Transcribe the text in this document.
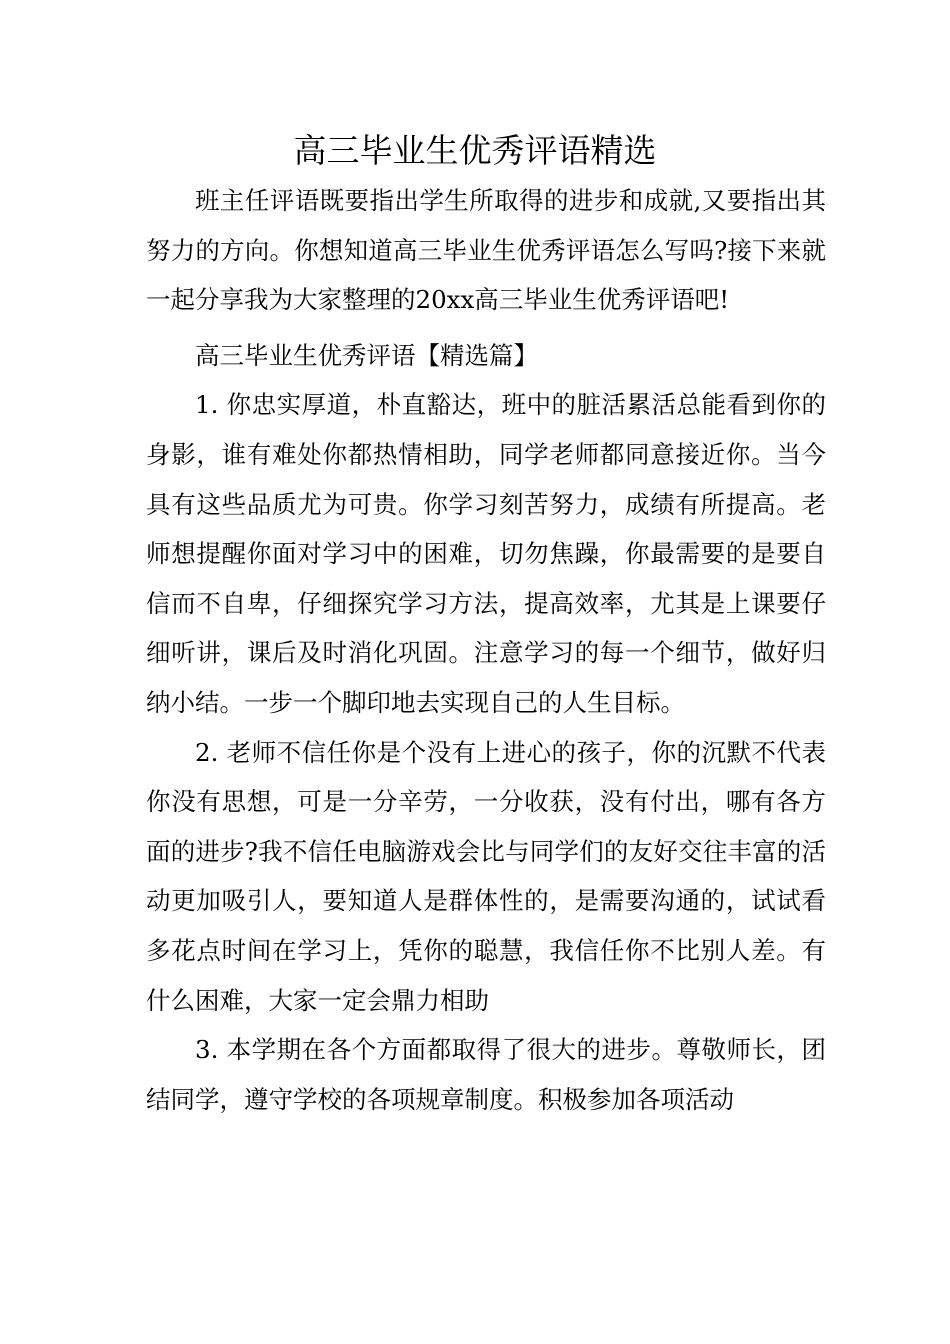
高三毕业生优秀评语精选

班主任评语既要指出学生所取得的进步和成就,又要指出其努力的方向。你想知道高三毕业生优秀评语怎么写吗?接下来就一起分享我为大家整理的20xx高三毕业生优秀评语吧!

高三毕业生优秀评语【精选篇】

1. 你忠实厚道，朴直豁达，班中的脏活累活总能看到你的身影，谁有难处你都热情相助，同学老师都同意接近你。当今具有这些品质尤为可贵。你学习刻苦努力，成绩有所提高。老师想提醒你面对学习中的困难，切勿焦躁，你最需要的是要自信而不自卑，仔细探究学习方法，提高效率，尤其是上课要仔细听讲，课后及时消化巩固。注意学习的每一个细节，做好归纳小结。一步一个脚印地去实现自己的人生目标。

2. 老师不信任你是个没有上进心的孩子，你的沉默不代表你没有思想，可是一分辛劳，一分收获，没有付出，哪有各方面的进步?我不信任电脑游戏会比与同学们的友好交往丰富的活动更加吸引人，要知道人是群体性的，是需要沟通的，试试看多花点时间在学习上，凭你的聪慧，我信任你不比别人差。有什么困难，大家一定会鼎力相助

3. 本学期在各个方面都取得了很大的进步。尊敬师长，团结同学，遵守学校的各项规章制度。积极参加各项活动
